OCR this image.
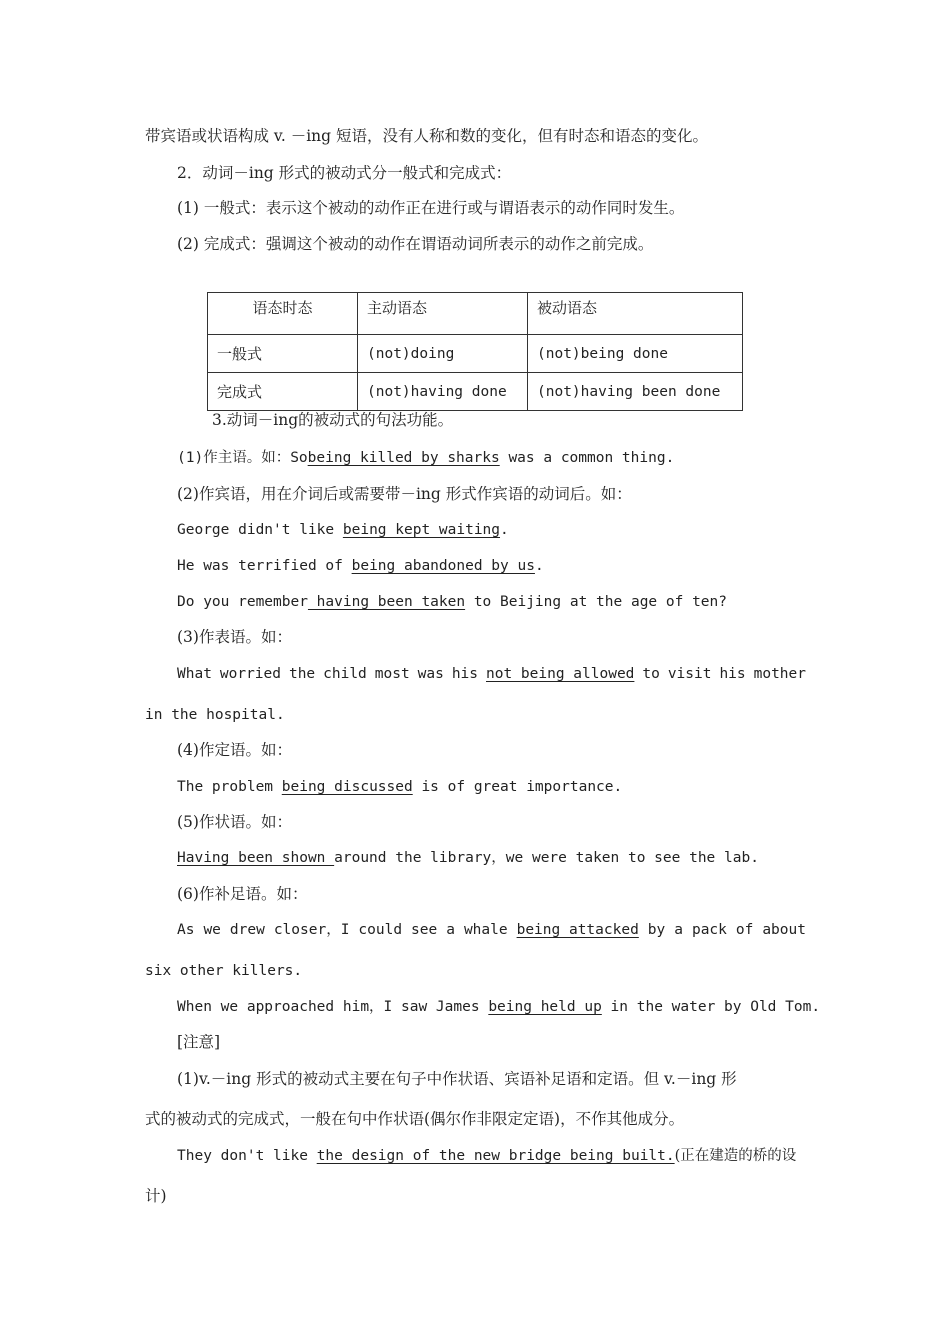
带宾语或状语构成 v. －ing 短语，没有人称和数的变化，但有时态和语态的变化。
2．动词－ing 形式的被动式分一般式和完成式：
(1) 一般式：表示这个被动的动作正在进行或与谓语表示的动作同时发生。
(2) 完成式：强调这个被动的动作在谓语动词所表示的动作之前完成。
语态时态	主动语态	被动语态
一般式	(not)doing	(not)being done
完成式	(not)having done	(not)having been done
3.动词－ing的被动式的句法功能。
(1)作主语。如：Sobeing killed by sharks was a common thing.
(2)作宾语，用在介词后或需要带－ing 形式作宾语的动词后。如：
George didn't like being kept waiting.
He was terrified of being abandoned by us.
Do you remember having been taken to Beijing at the age of ten?
(3)作表语。如：
What worried the child most was his not being allowed to visit his mother
in the hospital.
(4)作定语。如：
The problem being discussed is of great importance.
(5)作状语。如：
Having been shown around the library，we were taken to see the lab.
(6)作补足语。如：
As we drew closer，I could see a whale being attacked by a pack of about
six other killers.
When we approached him，I saw James being held up in the water by Old Tom.
[注意]
(1)v.－ing 形式的被动式主要在句子中作状语、宾语补足语和定语。但 v.－ing 形
式的被动式的完成式，一般在句中作状语(偶尔作非限定定语)，不作其他成分。
They don't like the design of the new bridge being built.(正在建造的桥的设
计)
